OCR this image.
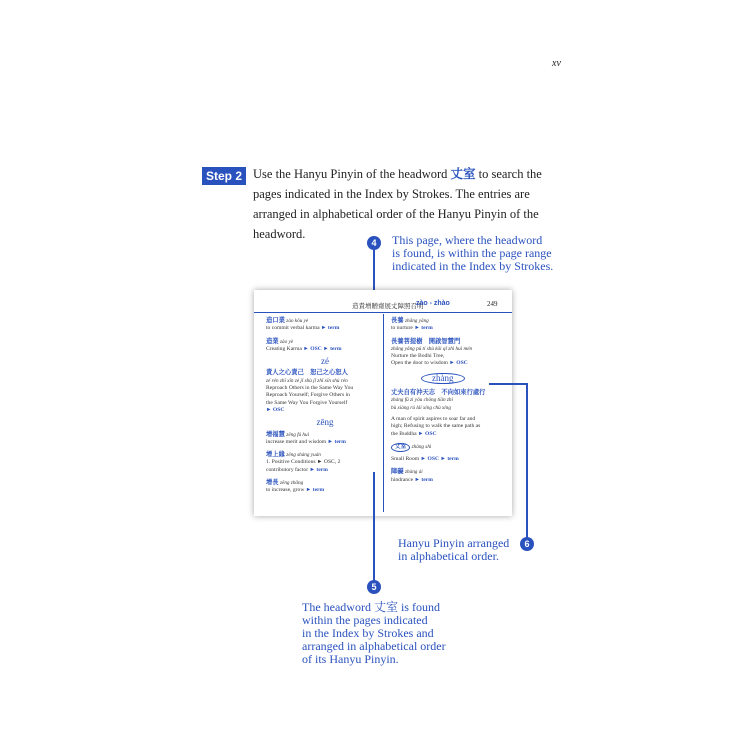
xv
Step 2 Use the Hanyu Pinyin of the headword 丈室 to search the pages indicated in the Index by Strokes. The entries are arranged in alphabetical order of the Hanyu Pinyin of the headword.
4	This page, where the headword
is found, is within the page range
indicated in the Index by Strokes.
造責增贈齋展丈障照召明
zào - zhào	249
造口業 zào kǒu yè
to commit verbal karma ► term
造業 zào yè
Creating Karma ► OSC ► term
zé
責人之心責己　恕己之心恕人
zé rén zhī xīn zé jǐ shù jǐ zhī xīn shù rén
Reproach Others in the Same Way You
Reproach Yourself; Forgive Others in
the Same Way You Forgive Yourself
► OSC
zēng
增福慧 zēng fú huì
increase merit and wisdom ► term
增上緣 zēng shàng yuán
1. Positive Conditions ► OSC, 2
contributory factor ► term
增長 zēng zhǎng
to increase, grow ► term
長養 zhǎng yǎng
to nurture ► term
長養菩提樹　開啟智慧門
zhǎng yǎng pú tí shù kāi qǐ zhì huì mén
Nurture the Bodhi Tree,
Open the door to wisdom ► OSC
zhàng
丈夫自有沖天志　不向如來行處行
zhàng fū zì yǒu chōng tiān zhì
bù xiàng rú lái xíng chù xíng
A man of spirit aspires to soar far and
high; Refusing to walk the same path as
the Buddha ► OSC
丈室 zhàng shì
Small Room ► OSC ► term
障礙 zhàng ài
hindrance ► term
6
Hanyu Pinyin arranged
in alphabetical order.
5
The headword 丈室 is found
within the pages indicated
in the Index by Strokes and
arranged in alphabetical order
of its Hanyu Pinyin.
